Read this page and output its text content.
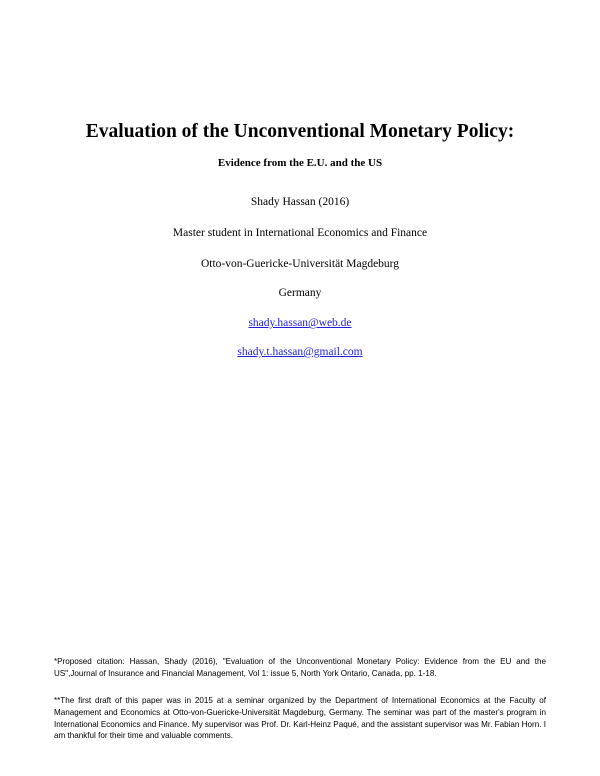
Evaluation of the Unconventional Monetary Policy:
Evidence from the E.U. and the US
Shady Hassan (2016)
Master student in International Economics and Finance
Otto-von-Guericke-Universität Magdeburg
Germany
shady.hassan@web.de
shady.t.hassan@gmail.com
*Proposed citation: Hassan, Shady (2016), "Evaluation of the Unconventional Monetary Policy: Evidence from the EU and the US",Journal of Insurance and Financial Management, Vol 1: issue 5, North York Ontario, Canada, pp. 1-18.
**The first draft of this paper was in 2015 at a seminar organized by the Department of International Economics at the Faculty of Management and Economics at Otto-von-Guericke-Universität Magdeburg, Germany. The seminar was part of the master's program in International Economics and Finance. My supervisor was Prof. Dr. Karl-Heinz Paqué, and the assistant supervisor was Mr. Fabian Horn. I am thankful for their time and valuable comments.
